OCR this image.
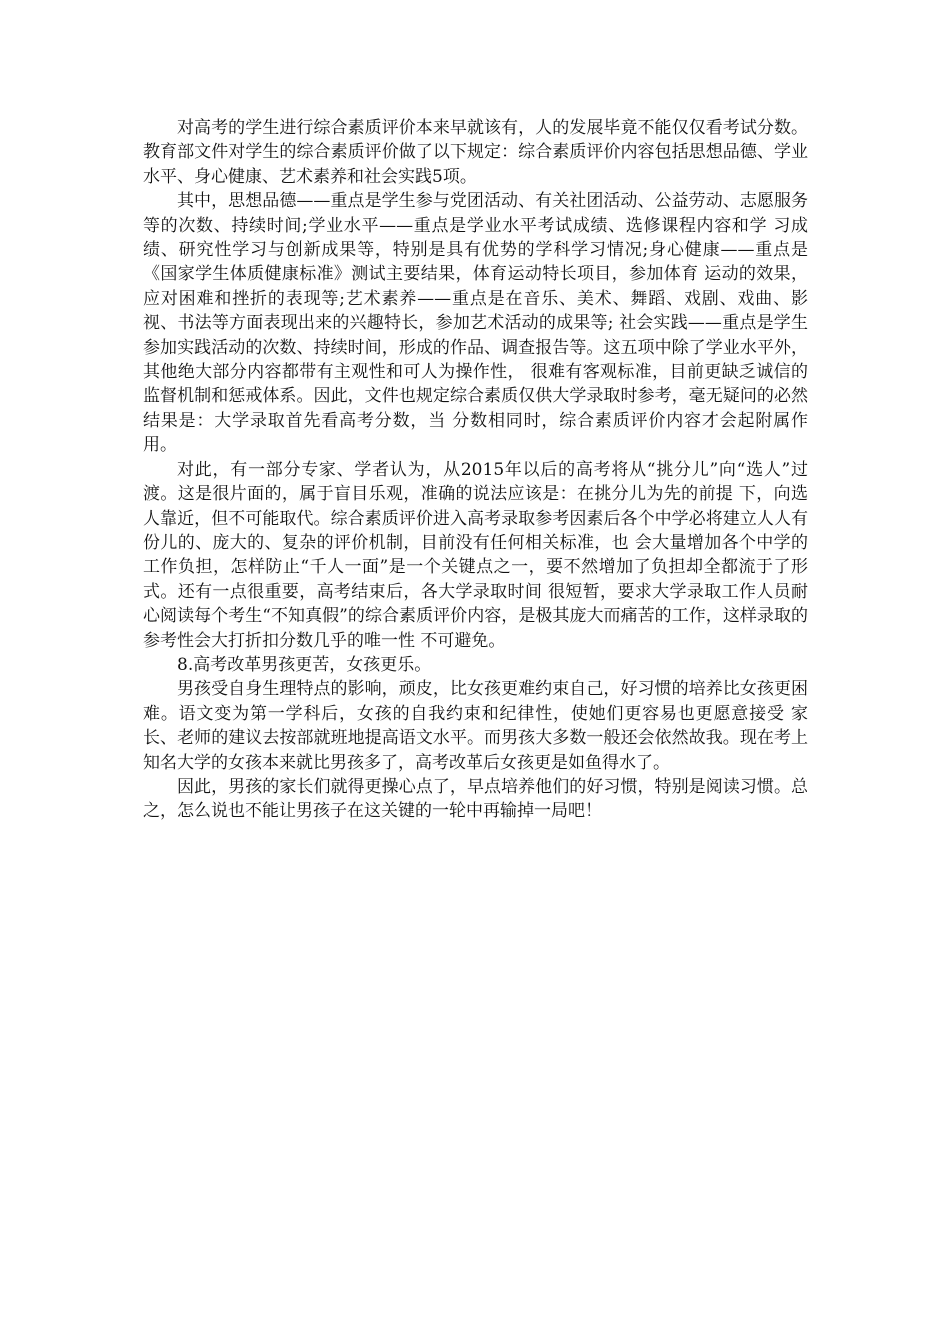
对高考的学生进行综合素质评价本来早就该有，人的发展毕竟不能仅仅看考试分数。教育部文件对学生的综合素质评价做了以下规定：综合素质评价内容包括思想品德、学业水平、身心健康、艺术素养和社会实践5项。

其中，思想品德——重点是学生参与党团活动、有关社团活动、公益劳动、志愿服务等的次数、持续时间;学业水平——重点是学业水平考试成绩、选修课程内容和学 习成绩、研究性学习与创新成果等，特别是具有优势的学科学习情况;身心健康——重点是《国家学生体质健康标准》测试主要结果，体育运动特长项目，参加体育 运动的效果，应对困难和挫折的表现等;艺术素养——重点是在音乐、美术、舞蹈、戏剧、戏曲、影视、书法等方面表现出来的兴趣特长，参加艺术活动的成果等; 社会实践——重点是学生参加实践活动的次数、持续时间，形成的作品、调查报告等。这五项中除了学业水平外，其他绝大部分内容都带有主观性和可人为操作性， 很难有客观标准，目前更缺乏诚信的监督机制和惩戒体系。因此，文件也规定综合素质仅供大学录取时参考，毫无疑问的必然结果是：大学录取首先看高考分数，当 分数相同时，综合素质评价内容才会起附属作用。

对此，有一部分专家、学者认为，从2015年以后的高考将从“挑分儿”向“选人”过渡。这是很片面的，属于盲目乐观，准确的说法应该是：在挑分儿为先的前提 下，向选人靠近，但不可能取代。综合素质评价进入高考录取参考因素后各个中学必将建立人人有份儿的、庞大的、复杂的评价机制，目前没有任何相关标准，也 会大量增加各个中学的工作负担，怎样防止“千人一面”是一个关键点之一，要不然增加了负担却全都流于了形式。还有一点很重要，高考结束后，各大学录取时间 很短暂，要求大学录取工作人员耐心阅读每个考生“不知真假”的综合素质评价内容，是极其庞大而痛苦的工作，这样录取的参考性会大打折扣分数几乎的唯一性 不可避免。

8.高考改革男孩更苦，女孩更乐。

男孩受自身生理特点的影响，顽皮，比女孩更难约束自己，好习惯的培养比女孩更困难。语文变为第一学科后，女孩的自我约束和纪律性，使她们更容易也更愿意接受 家长、老师的建议去按部就班地提高语文水平。而男孩大多数一般还会依然故我。现在考上知名大学的女孩本来就比男孩多了，高考改革后女孩更是如鱼得水了。

因此，男孩的家长们就得更操心点了，早点培养他们的好习惯，特别是阅读习惯。总之，怎么说也不能让男孩子在这关键的一轮中再输掉一局吧！
